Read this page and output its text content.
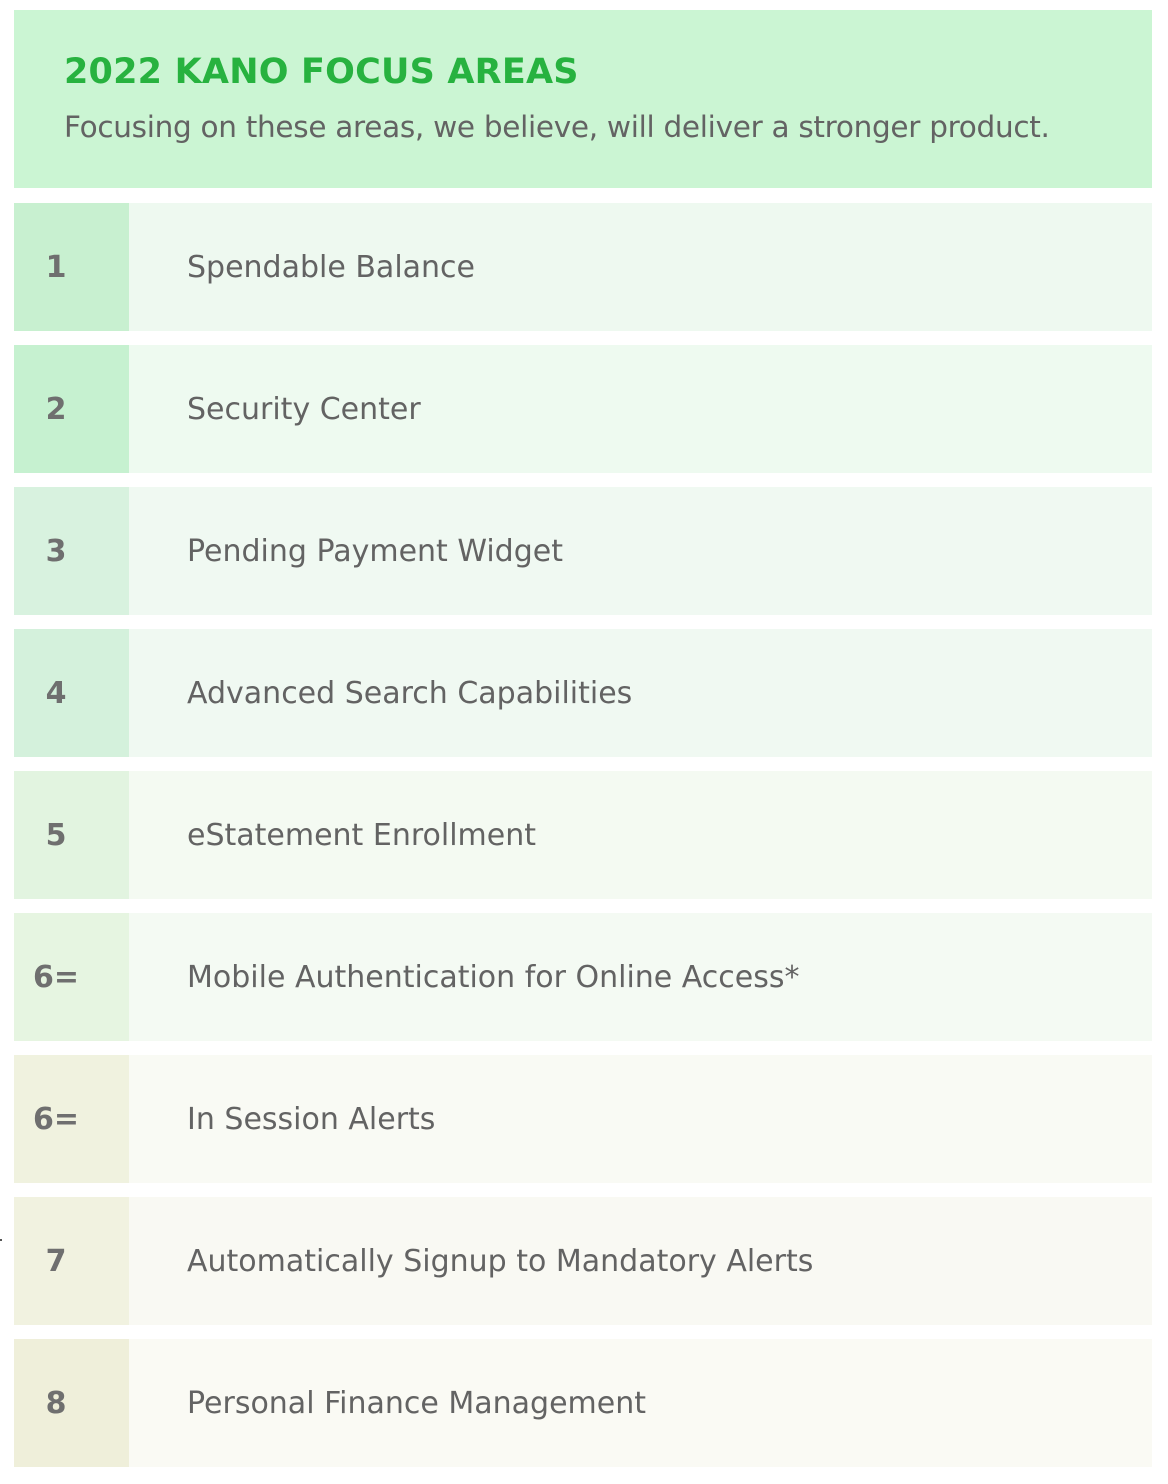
2022 KANO FOCUS AREAS
Focusing on these areas, we believe, will deliver a stronger product.
1	Spendable Balance
2	Security Center
3	Pending Payment Widget
4	Advanced Search Capabilities
5	eStatement Enrollment
6=	Mobile Authentication for Online Access*
6=	In Session Alerts
7	Automatically Signup to Mandatory Alerts
8	Personal Finance Management
